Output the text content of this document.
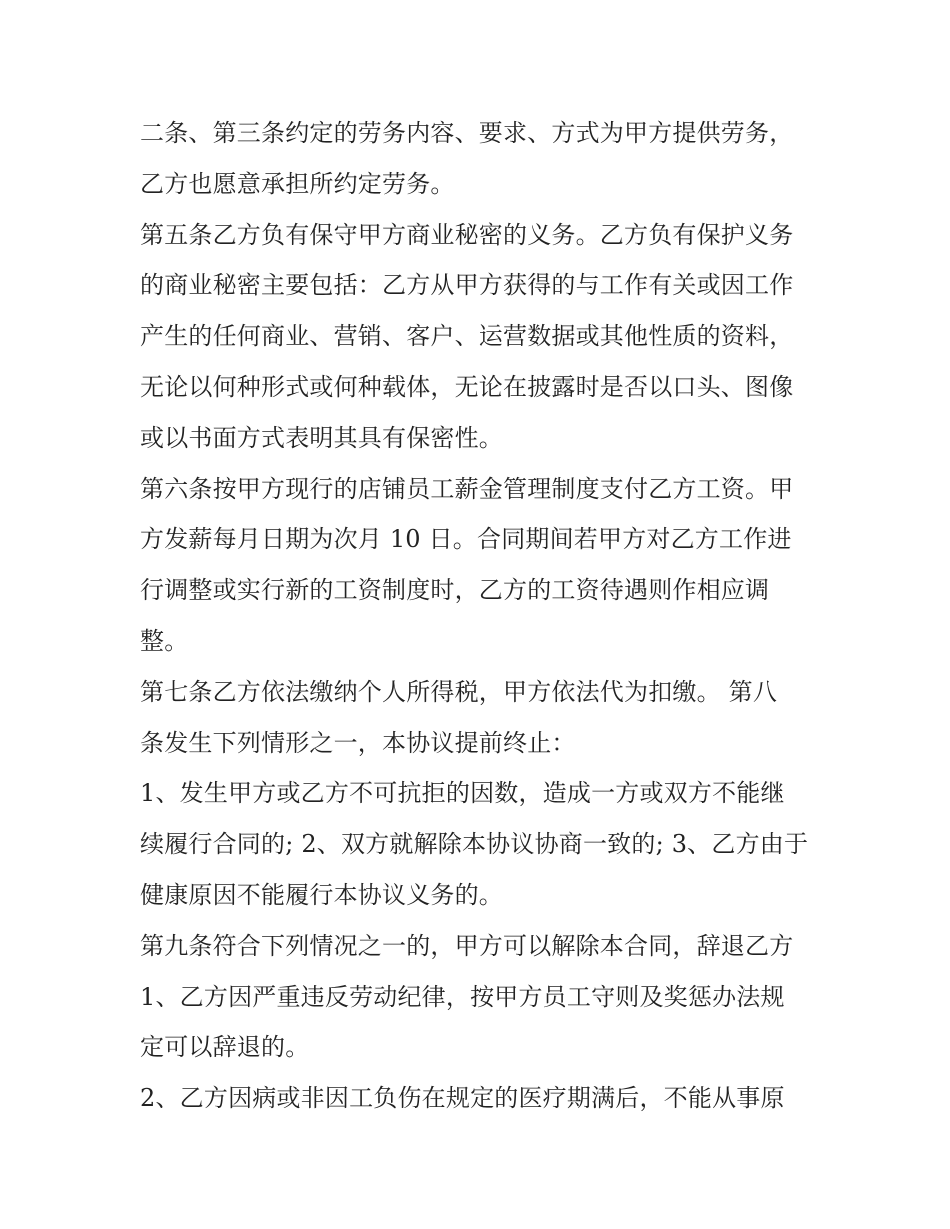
二条、第三条约定的劳务内容、要求、方式为甲方提供劳务，
乙方也愿意承担所约定劳务。
第五条乙方负有保守甲方商业秘密的义务。乙方负有保护义务
的商业秘密主要包括：乙方从甲方获得的与工作有关或因工作
产生的任何商业、营销、客户、运营数据或其他性质的资料，
无论以何种形式或何种载体，无论在披露时是否以口头、图像
或以书面方式表明其具有保密性。
第六条按甲方现行的店铺员工薪金管理制度支付乙方工资。甲
方发薪每月日期为次月 10 日。合同期间若甲方对乙方工作进
行调整或实行新的工资制度时，乙方的工资待遇则作相应调
整。
第七条乙方依法缴纳个人所得税，甲方依法代为扣缴。 第八
条发生下列情形之一，本协议提前终止：
1、发生甲方或乙方不可抗拒的因数，造成一方或双方不能继
续履行合同的; 2、双方就解除本协议协商一致的; 3、乙方由于
健康原因不能履行本协议义务的。
第九条符合下列情况之一的，甲方可以解除本合同，辞退乙方
1、乙方因严重违反劳动纪律，按甲方员工守则及奖惩办法规
定可以辞退的。
2、乙方因病或非因工负伤在规定的医疗期满后，不能从事原
